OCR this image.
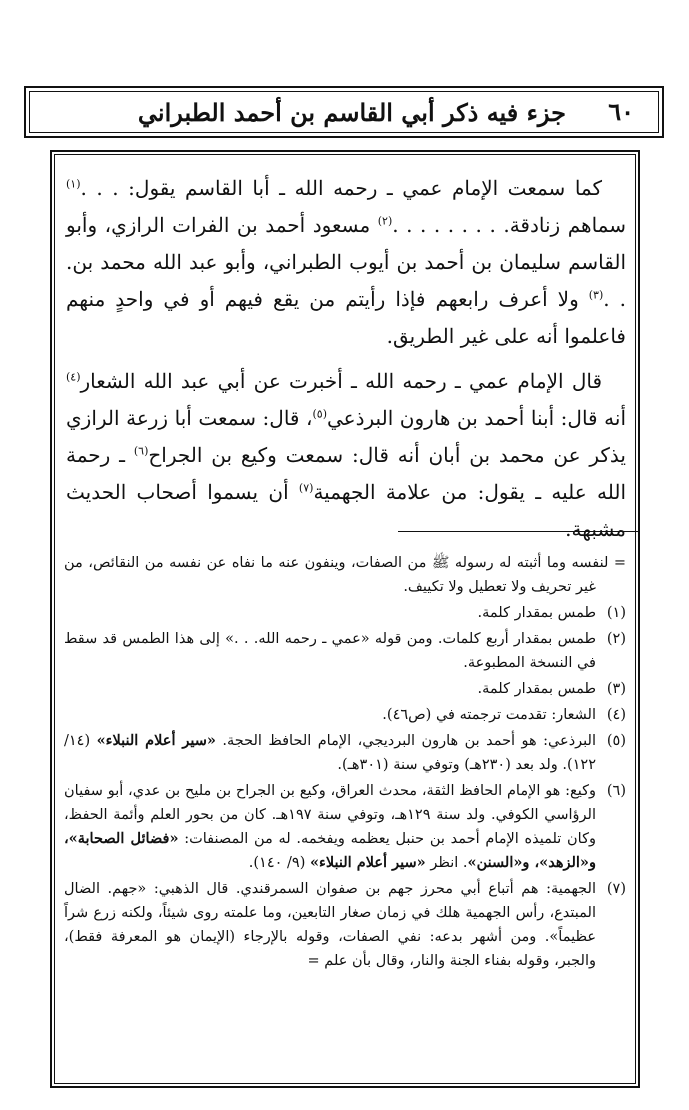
٦٠
جزء فيه ذكر أبي القاسم بن أحمد الطبراني

كما سمعت الإمام عمي ـ رحمه الله ـ أبا القاسم يقول: . . .$^{(١)}$ سماهم زنادقة. . . . . . . . .$^{(٢)}$ مسعود أحمد بن الفرات الرازي، وأبو القاسم سليمان بن أحمد بن أيوب الطبراني، وأبو عبد الله محمد بن. . .$^{(٣)}$ ولا أعرف رابعهم فإذا رأيتم من يقع فيهم أو في واحدٍ منهم فاعلموا أنه على غير الطريق.

قال الإمام عمي ـ رحمه الله ـ أخبرت عن أبي عبد الله الشعار$^{(٤)}$ أنه قال: أبنا أحمد بن هارون البرذعي$^{(٥)}$، قال: سمعت أبا زرعة الرازي يذكر عن محمد بن أبان أنه قال: سمعت وكيع بن الجراح$^{(٦)}$ ـ رحمة الله عليه ـ يقول: من علامة الجهمية$^{(٧)}$ أن يسموا أصحاب الحديث مشبهة.

= لنفسه وما أثبته له رسوله ﷺ من الصفات، وينفون عنه ما نفاه عن نفسه من النقائص، من غير تحريف ولا تعطيل ولا تكييف.
(١)
طمس بمقدار كلمة.
(٢)
طمس بمقدار أربع كلمات. ومن قوله «عمي ـ رحمه الله. . .» إلى هذا الطمس قد سقط في النسخة المطبوعة.
(٣)
طمس بمقدار كلمة.
(٤)
الشعار: تقدمت ترجمته في (ص٤٦).
(٥)
البرذعي: هو أحمد بن هارون البرديجي، الإمام الحافظ الحجة. «سير أعلام النبلاء» (١٤/ ١٢٢). ولد بعد (٢٣٠هـ) وتوفي سنة (٣٠١هـ).
(٦)
وكيع: هو الإمام الحافظ الثقة، محدث العراق، وكيع بن الجراح بن مليح بن عدي، أبو سفيان الرؤاسي الكوفي. ولد سنة ١٢٩هـ، وتوفي سنة ١٩٧هـ. كان من بحور العلم وأئمة الحفظ، وكان تلميذه الإمام أحمد بن حنبل يعظمه ويفخمه. له من المصنفات: «فضائل الصحابة»، و«الزهد»، و«السنن». انظر «سير أعلام النبلاء» (٩/ ١٤٠).
(٧)
الجهمية: هم أتباع أبي محرز جهم بن صفوان السمرقندي. قال الذهبي: «جهم. الضال المبتدع، رأس الجهمية هلك في زمان صغار التابعين، وما علمته روى شيئاً، ولكنه زرع شراً عظيماً». ومن أشهر بدعه: نفي الصفات، وقوله بالإرجاء (الإيمان هو المعرفة فقط)، والجبر، وقوله بفناء الجنة والنار، وقال بأن علم =
